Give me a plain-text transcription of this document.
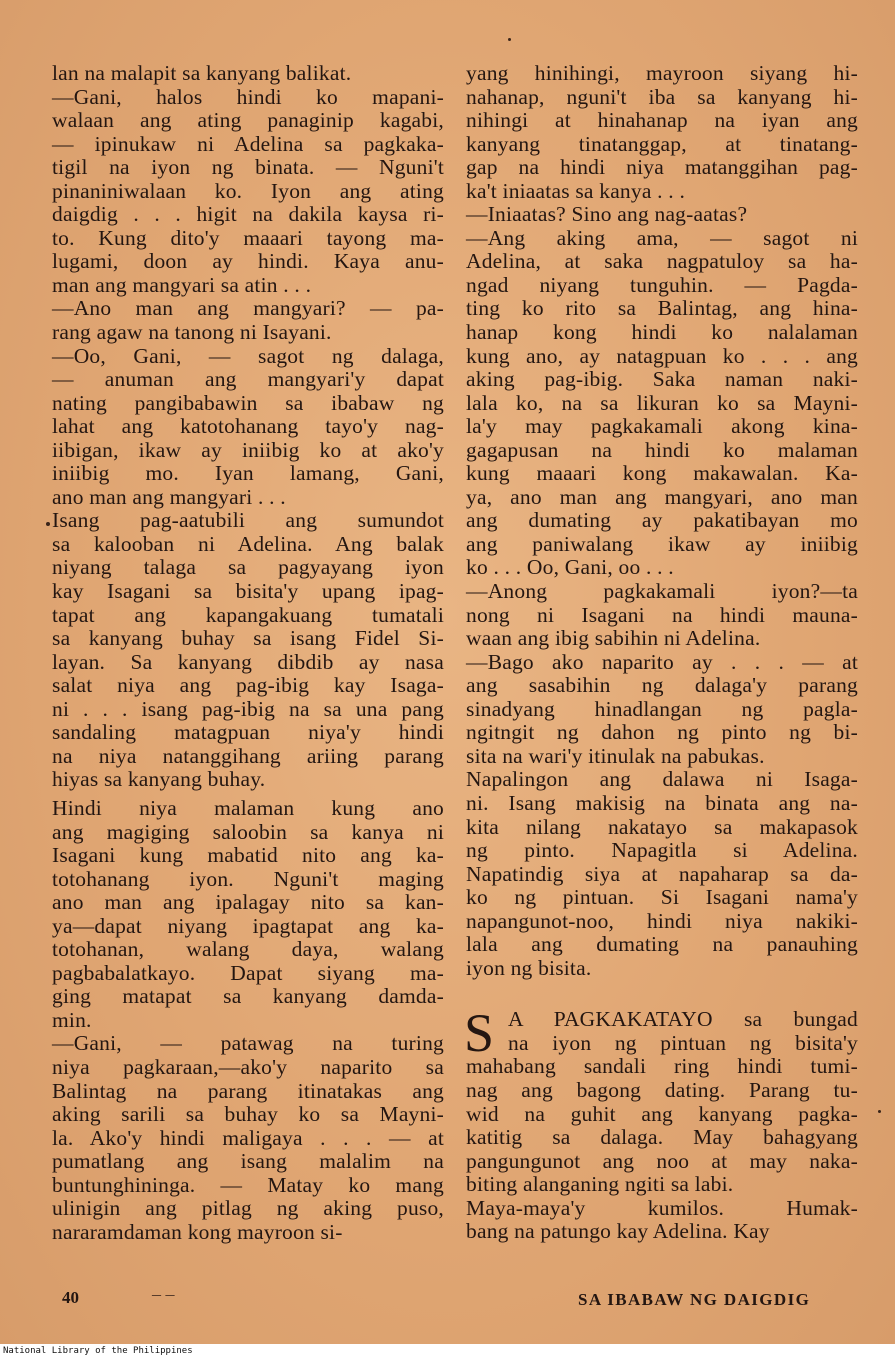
lan na malapit sa kanyang balikat.
—Gani, halos hindi ko mapani-
walaan ang ating panaginip kagabi,
— ipinukaw ni Adelina sa pagkaka-
tigil na iyon ng binata. — Nguni't
pinaniniwalaan ko. Iyon ang ating
daigdig . . . higit na dakila kaysa ri-
to. Kung dito'y maaari tayong ma-
lugami, doon ay hindi. Kaya anu-
man ang mangyari sa atin . . .
—Ano man ang mangyari? — pa-
rang agaw na tanong ni Isayani.
—Oo, Gani, — sagot ng dalaga,
— anuman ang mangyari'y dapat
nating pangibabawin sa ibabaw ng
lahat ang katotohanang tayo'y nag-
iibigan, ikaw ay iniibig ko at ako'y
iniibig mo. Iyan lamang, Gani,
ano man ang mangyari . . .
Isang pag-aatubili ang sumundot
sa kalooban ni Adelina. Ang balak
niyang talaga sa pagyayang iyon
kay Isagani sa bisita'y upang ipag-
tapat ang kapangakuang tumatali
sa kanyang buhay sa isang Fidel Si-
layan. Sa kanyang dibdib ay nasa
salat niya ang pag-ibig kay Isaga-
ni . . . isang pag-ibig na sa una pang
sandaling matagpuan niya'y hindi
na niya natanggihang ariing parang
hiyas sa kanyang buhay.
Hindi niya malaman kung ano
ang magiging saloobin sa kanya ni
Isagani kung mabatid nito ang ka-
totohanang iyon. Nguni't maging
ano man ang ipalagay nito sa kan-
ya—dapat niyang ipagtapat ang ka-
totohanan, walang daya, walang
pagbabalatkayo. Dapat siyang ma-
ging matapat sa kanyang damda-
min.
—Gani, — patawag na turing
niya pagkaraan,—ako'y naparito sa
Balintag na parang itinatakas ang
aking sarili sa buhay ko sa Mayni-
la. Ako'y hindi maligaya . . . — at
pumatlang ang isang malalim na
buntunghininga. — Matay ko mang
ulinigin ang pitlag ng aking puso,
nararamdaman kong mayroon si-
yang hinihingi, mayroon siyang hi-
nahanap, nguni't iba sa kanyang hi-
nihingi at hinahanap na iyan ang
kanyang tinatanggap, at tinatang-
gap na hindi niya matanggihan pag-
ka't iniaatas sa kanya . . .
—Iniaatas? Sino ang nag-aatas?
—Ang aking ama, — sagot ni
Adelina, at saka nagpatuloy sa ha-
ngad niyang tunguhin. — Pagda-
ting ko rito sa Balintag, ang hina-
hanap kong hindi ko nalalaman
kung ano, ay natagpuan ko . . . ang
aking pag-ibig. Saka naman naki-
lala ko, na sa likuran ko sa Mayni-
la'y may pagkakamali akong kina-
gagapusan na hindi ko malaman
kung maaari kong makawalan. Ka-
ya, ano man ang mangyari, ano man
ang dumating ay pakatibayan mo
ang paniwalang ikaw ay iniibig
ko . . . Oo, Gani, oo . . .
—Anong pagkakamali iyon?—ta
nong ni Isagani na hindi mauna-
waan ang ibig sabihin ni Adelina.
—Bago ako naparito ay . . . — at
ang sasabihin ng dalaga'y parang
sinadyang hinadlangan ng pagla-
ngitngit ng dahon ng pinto ng bi-
sita na wari'y itinulak na pabukas.
Napalingon ang dalawa ni Isaga-
ni. Isang makisig na binata ang na-
kita nilang nakatayo sa makapasok
ng pinto. Napagitla si Adelina.
Napatindig siya at napaharap sa da-
ko ng pintuan. Si Isagani nama'y
napangunot-noo, hindi niya nakiki-
lala ang dumating na panauhing
iyon ng bisita.
S A PAGKAKATAYO sa bungad
na iyon ng pintuan ng bisita'y
mahabang sandali ring hindi tumi-
nag ang bagong dating. Parang tu-
wid na guhit ang kanyang pagka-
katitig sa dalaga. May bahagyang
pangungunot ang noo at may naka-
biting alanganing ngiti sa labi.
Maya-maya'y kumilos. Humak-
bang na patungo kay Adelina. Kay
40	– ‒	SA IBABAW NG DAIGDIG
National Library of the Philippines
